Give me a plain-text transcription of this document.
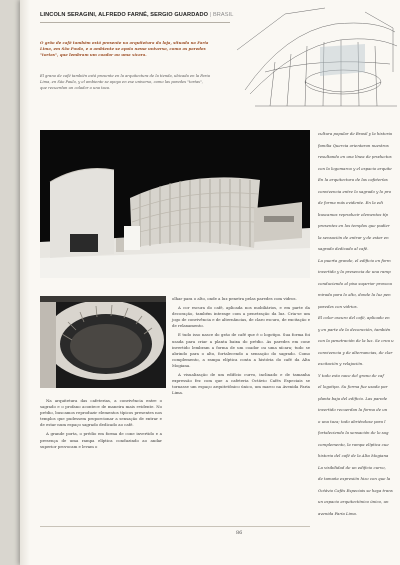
LINCOLN SERAGINI, ALFREDO FARNÉ, SERGIO GUARDADO | BRASIL
O grão de café também está presente na arquitetura da loja, situada na Faria Lima, em São Paulo, e o ambiente se apoia nesse universo, como as paredes "tortas", que lembram um coador ou uma xícara.
El grano de café también está presente en la arquitectura de la tienda, ubicada en la Faria Lima, en São Paulo, y el ambiente se apoya en ese universo, como las paredes "tortas", que recuerdan un colador o una taza.

Na arquitetura das cafeterias, a convivência entre o sagrado e o profano acontece de maneira mais evidente. No prédio, buscamos reproduzir elementos típicos presentes nos templos que pudessem proporcionar a sensação de entrar e de estar num espaço sagrado dedicado ao café.

A grande porta, o prédio em forma de cone invertido e a presença de uma rampa elíptica conduzindo ao andar superior provocam e levam o

olhar para o alto, onde a luz penetra pelas paredes com vidros.

A cor escura do café, aplicada nos mobiliários, e em parte da decoração, também interage com a penetração da luz. Cria-se um jogo de convivência e de alternâncias, de claro escuro, de excitação e de relaxamento.

E tudo isso nasce do grão de café que é o logotipo. Sua forma foi usada para criar a planta baixa do prédio. As paredes em cone invertido lembram a forma de um coador ou uma xícara; tudo se abrindo para o alto, fortalecendo a sensação do sagrado. Como complemento, a rampa elíptica conta a história do café da Alta Mogiana.

A visualização de um edifício curvo, inclinado e de tamanha expressão fez com que a cafeteria Octávio Cafés Especiais se tornasse um espaço arquitetônico único, um marco na Avenida Faria Lima.

cultura popular de Brasil y la historia
familia Quercia orientaron nuestros
resultando en una línea de productos
con la logomarca y el espacio arquite
En la arquitectura de las cafeterías
convivencia entre lo sagrado y lo pro
de forma más evidente. En la edi
buscamos reproducir elementos típ
presentes en los templos que pudier
la sensación de entrar y de estar en
sagrado dedicado al café.
La puerta grande, el edificio en form
invertido y la presencia de una ramp
conduciendo al piso superior provoca
mirada para lo alto, donde la luz pen
paredes con vidrios.
El color oscuro del café, aplicado en
y en parte de la decoración, también
con la penetración de la luz. Se crea u
convivencia y de alternancias, de clar
excitación y relajación.
Y todo esto nace del grano de caf
el logotipo. Su forma fue usada par
planta baja del edificio. Las parede
invertido recuerdan la forma de un
o una taza; todo abriéndose para l
fortaleciendo la sensación de lo sag
complemento, la rampa elíptica cue
historia del café de la Alta Mogiana
La visibilidad de un edificio curvo,
de tamaña expresión hizo con que la
Octávio Cafés Especiais se haya trans
un espacio arquitectónico único, un
avenida Faria Lima.
86
